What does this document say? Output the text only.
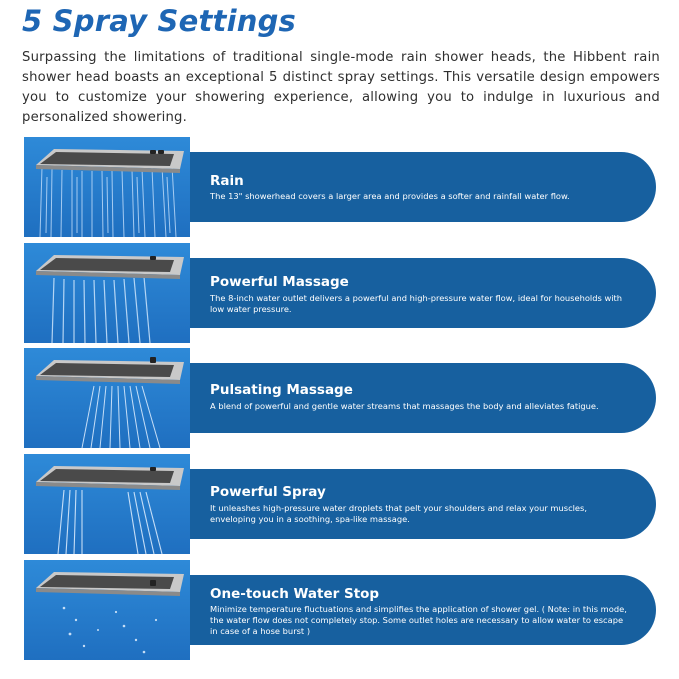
5 Spray Settings
Surpassing the limitations of traditional single-mode rain shower heads, the Hibbent rain shower head boasts an exceptional 5 distinct spray settings. This versatile design empowers you to customize your showering experience, allowing you to indulge in luxurious and personalized showering.
Rain
The 13" showerhead covers a larger area and provides a softer and rainfall water flow.
Powerful Massage
The 8-inch water outlet delivers a powerful and high-pressure water flow, ideal for households with low water pressure.
Pulsating Massage
A blend of powerful and gentle water streams that massages the body and alleviates fatigue.
Powerful Spray
It unleashes high-pressure water droplets that pelt your shoulders and relax your muscles, enveloping you in a soothing, spa-like massage.
One-touch Water Stop
Minimize temperature fluctuations and simplifies the application of shower gel. ( Note: in this mode, the water flow does not completely stop. Some outlet holes are necessary to allow water to escape in case of a hose burst )
